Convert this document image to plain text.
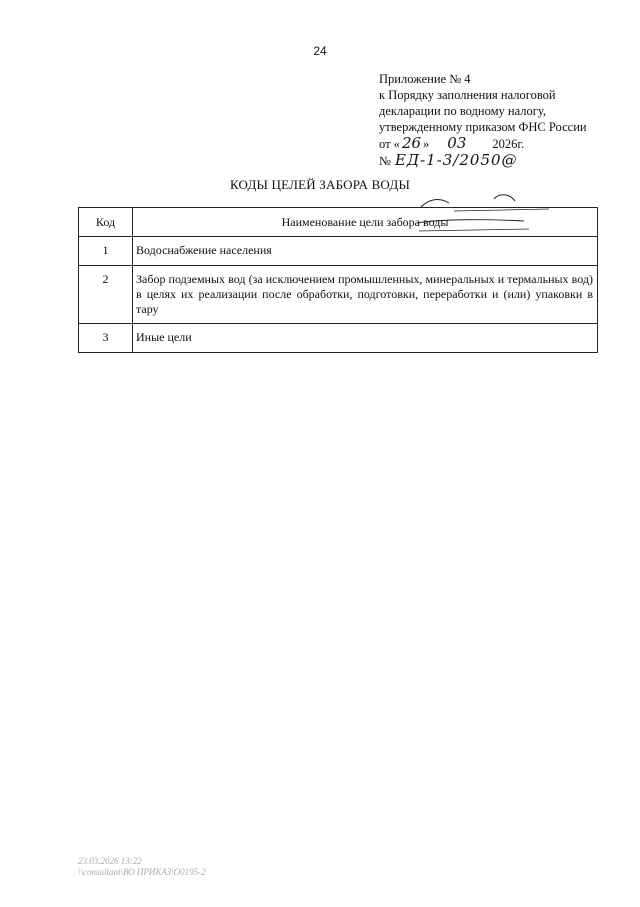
24
Приложение № 4
к Порядку заполнения налоговой
декларации по водному налогу,
утвержденному приказом ФНС России
от « 26 » 03 2026г.
№ ЕД-1-3/2050@
КОДЫ ЦЕЛЕЙ ЗАБОРА ВОДЫ
Код	Наименование цели забора воды
1	Водоснабжение населения
2	Забор подземных вод (за исключением промышленных, минеральных и термальных вод) в целях их реализации после обработки, подготовки, переработки и (или) упаковки в тару
3	Иные цели
23.03.2026 13:22
\\consultant\ВО ПРИКАЗ\О0195-2
